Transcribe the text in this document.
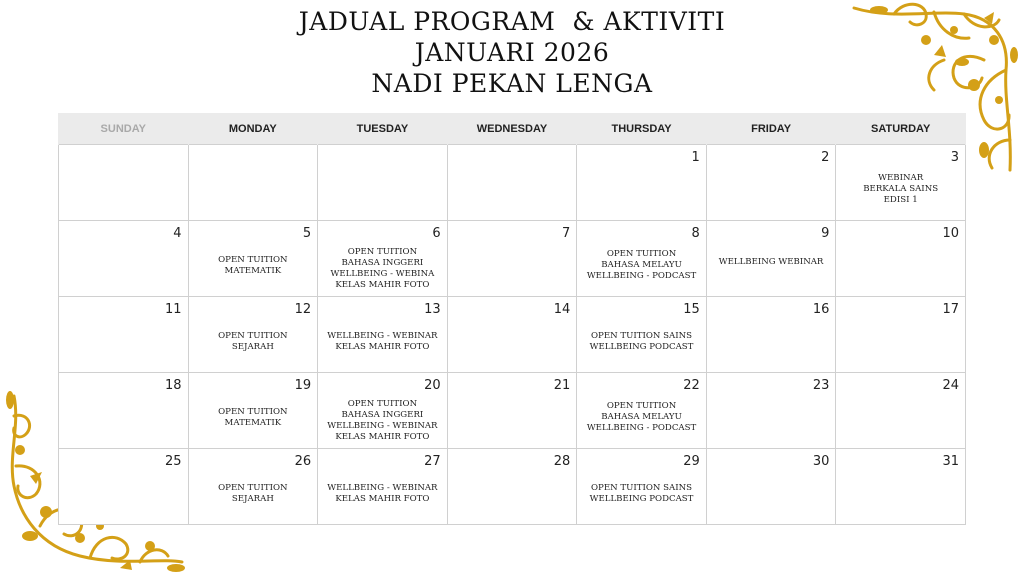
JADUAL PROGRAM  & AKTIVITI
JANUARI 2026
NADI PEKAN LENGA
SUNDAY	MONDAY	TUESDAY	WEDNESDAY	THURSDAY	FRIDAY	SATURDAY

				1	2	3
WEBINAR
BERKALA SAINS
EDISI 1

4	5
OPEN TUITION
MATEMATIK	6
OPEN TUITION
BAHASA INGGERI
WELLBEING - WEBINA
KELAS MAHIR FOTO	7	8
OPEN TUITION
BAHASA MELAYU
WELLBEING - PODCAST	9
WELLBEING WEBINAR	10

11	12
OPEN TUITION
SEJARAH	13
WELLBEING - WEBINAR
KELAS MAHIR FOTO	14	15
OPEN TUITION SAINS
WELLBEING PODCAST	16	17

18	19
OPEN TUITION
MATEMATIK	20
OPEN TUITION
BAHASA INGGERI
WELLBEING - WEBINAR
KELAS MAHIR FOTO	21	22
OPEN TUITION
BAHASA MELAYU
WELLBEING - PODCAST	23	24

25	26
OPEN TUITION
SEJARAH	27
WELLBEING - WEBINAR
KELAS MAHIR FOTO	28	29
OPEN TUITION SAINS
WELLBEING PODCAST	30	31
